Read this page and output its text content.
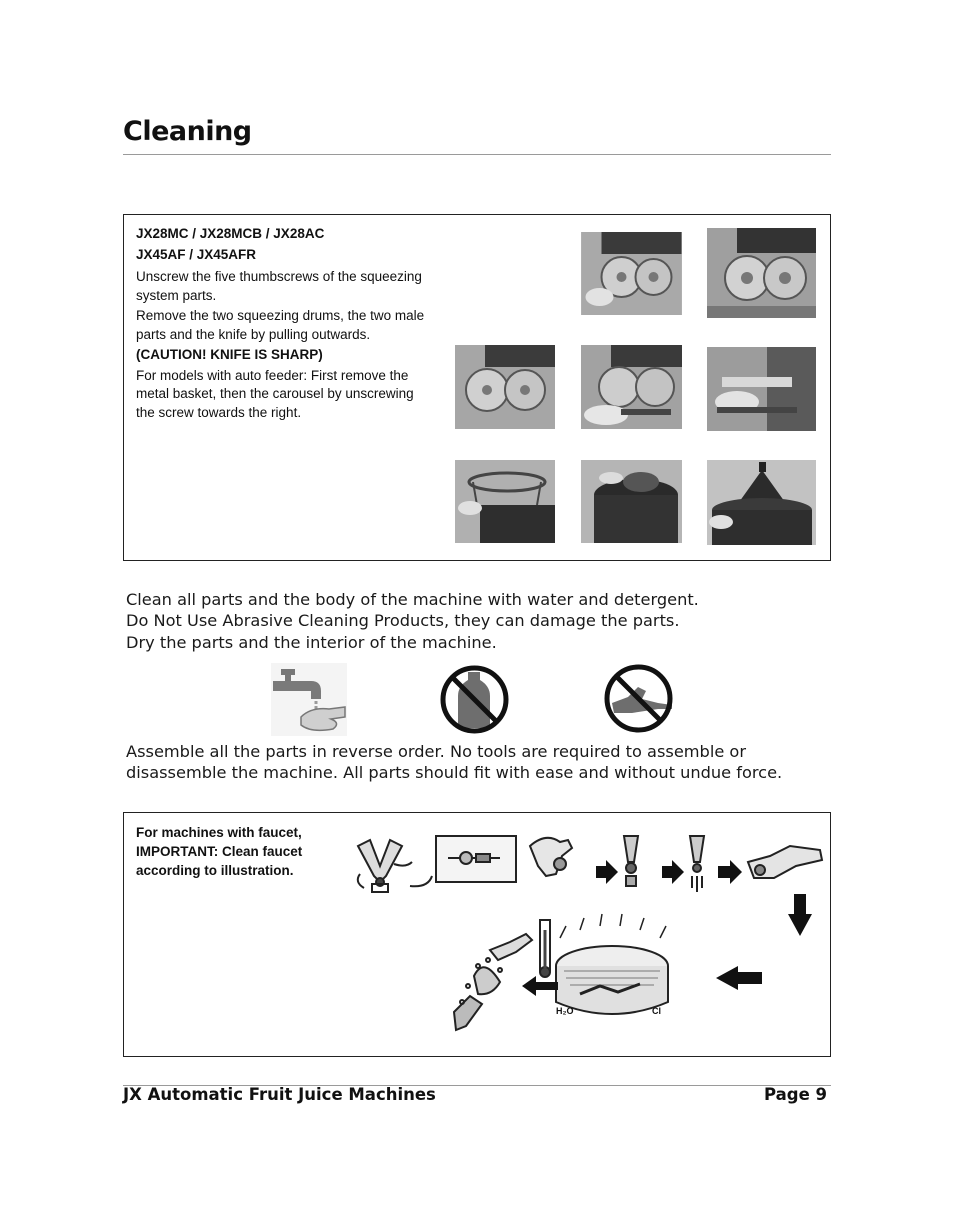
Cleaning

JX28MC / JX28MCB / JX28AC

JX45AF / JX45AFR

Unscrew the five thumbscrews of the squeezing system parts.

Remove the two squeezing drums, the two male parts and the knife by pulling outwards.

(CAUTION! KNIFE IS SHARP)

For models with auto feeder: First remove the metal basket, then the carousel by unscrewing the screw towards the right.

Clean all parts and the body of the machine with water and detergent.
Do Not Use Abrasive Cleaning Products, they can damage the parts.
Dry the parts and the interior of the machine.
Assemble all the parts in reverse order. No tools are required to assemble or
disassemble the machine. All parts should fit with ease and without undue force.
For machines with faucet,
IMPORTANT: Clean faucet
according to illustration.
H₂O	Cl
JX Automatic Fruit Juice Machines	Page 9
